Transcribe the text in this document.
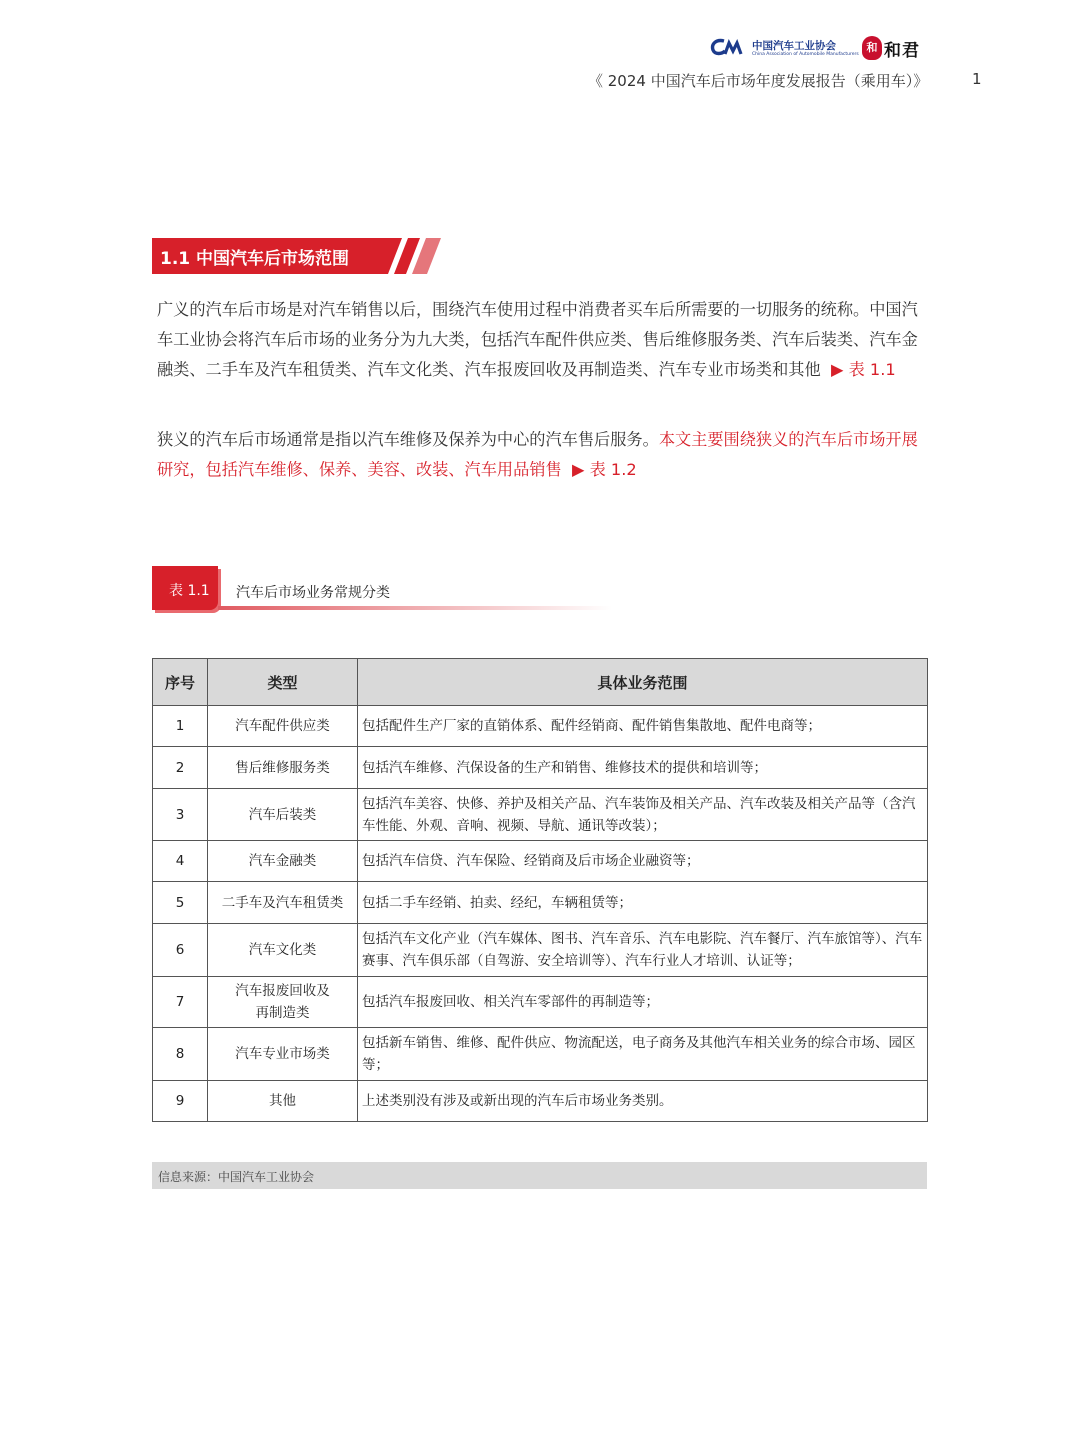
中国汽车工业协会
China Association of Automobile Manufacturers
和 和君
《 2024 中国汽车后市场年度发展报告（乘用车）》	1
1.1 中国汽车后市场范围
广义的汽车后市场是对汽车销售以后，围绕汽车使用过程中消费者买车后所需要的一切服务的统称。中国汽车工业协会将汽车后市场的业务分为九大类，包括汽车配件供应类、售后维修服务类、汽车后装类、汽车金融类、二手车及汽车租赁类、汽车文化类、汽车报废回收及再制造类、汽车专业市场类和其他 ▶ 表 1.1
狭义的汽车后市场通常是指以汽车维修及保养为中心的汽车售后服务。本文主要围绕狭义的汽车后市场开展研究，包括汽车维修、保养、美容、改装、汽车用品销售 ▶ 表 1.2
表 1.1 汽车后市场业务常规分类
序号	类型	具体业务范围
1	汽车配件供应类	包括配件生产厂家的直销体系、配件经销商、配件销售集散地、配件电商等；
2	售后维修服务类	包括汽车维修、汽保设备的生产和销售、维修技术的提供和培训等；
3	汽车后装类	包括汽车美容、快修、养护及相关产品、汽车装饰及相关产品、汽车改装及相关产品等（含汽车性能、外观、音响、视频、导航、通讯等改装）；
4	汽车金融类	包括汽车信贷、汽车保险、经销商及后市场企业融资等；
5	二手车及汽车租赁类	包括二手车经销、拍卖、经纪，车辆租赁等；
6	汽车文化类	包括汽车文化产业（汽车媒体、图书、汽车音乐、汽车电影院、汽车餐厅、汽车旅馆等）、汽车赛事、汽车俱乐部（自驾游、安全培训等）、汽车行业人才培训、认证等；
7	汽车报废回收及再制造类	包括汽车报废回收、相关汽车零部件的再制造等；
8	汽车专业市场类	包括新车销售、维修、配件供应、物流配送，电子商务及其他汽车相关业务的综合市场、园区等；
9	其他	上述类别没有涉及或新出现的汽车后市场业务类别。
信息来源：中国汽车工业协会
